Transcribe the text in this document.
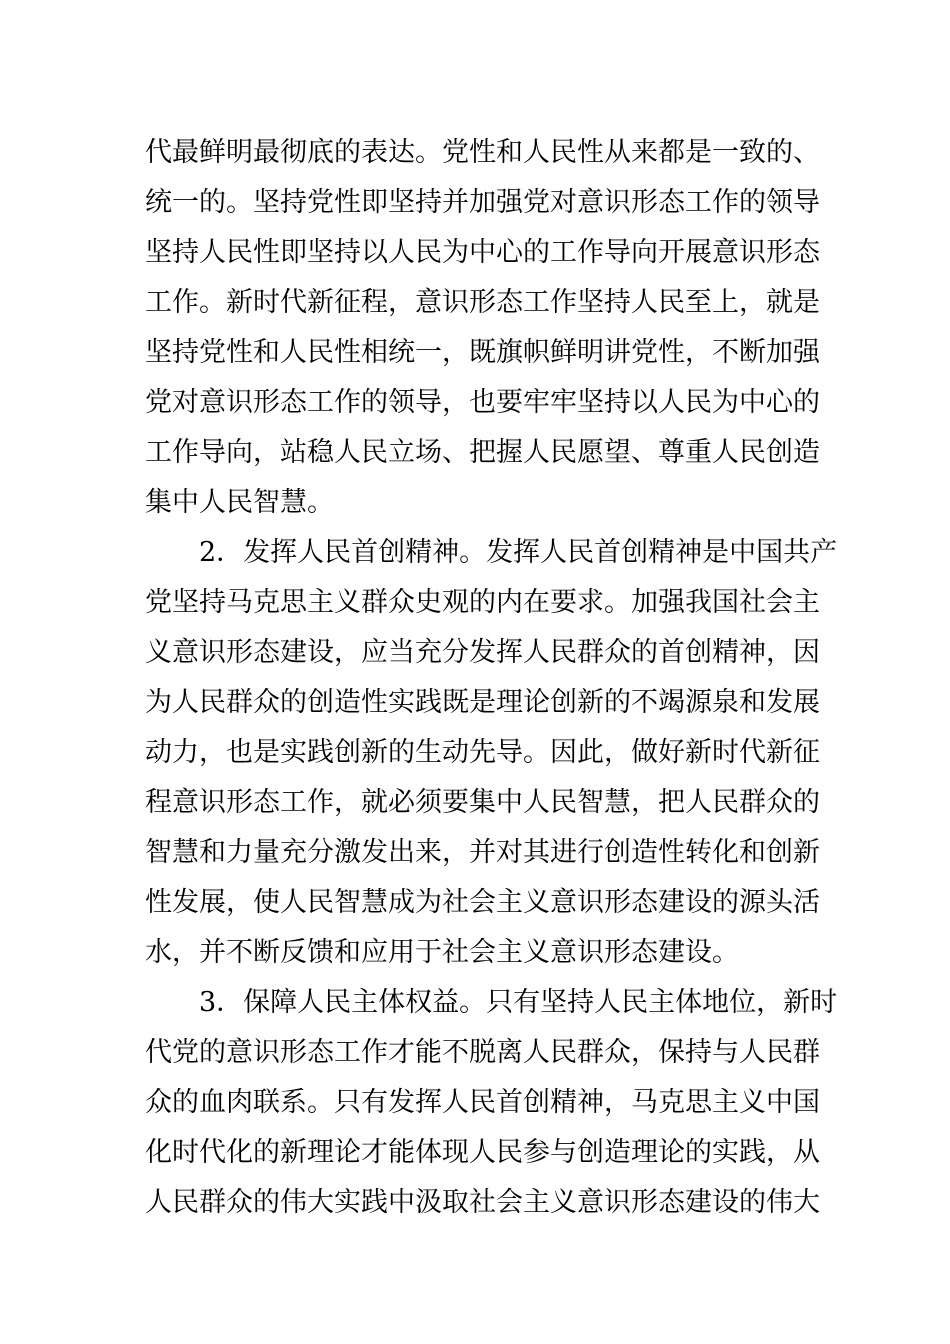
代最鲜明最彻底的表达。党性和人民性从来都是一致的、
统一的。坚持党性即坚持并加强党对意识形态工作的领导
坚持人民性即坚持以人民为中心的工作导向开展意识形态
工作。新时代新征程，意识形态工作坚持人民至上，就是
坚持党性和人民性相统一，既旗帜鲜明讲党性，不断加强
党对意识形态工作的领导，也要牢牢坚持以人民为中心的
工作导向，站稳人民立场、把握人民愿望、尊重人民创造
集中人民智慧。
2．发挥人民首创精神。发挥人民首创精神是中国共产
党坚持马克思主义群众史观的内在要求。加强我国社会主
义意识形态建设，应当充分发挥人民群众的首创精神，因
为人民群众的创造性实践既是理论创新的不竭源泉和发展
动力，也是实践创新的生动先导。因此，做好新时代新征
程意识形态工作，就必须要集中人民智慧，把人民群众的
智慧和力量充分激发出来，并对其进行创造性转化和创新
性发展，使人民智慧成为社会主义意识形态建设的源头活
水，并不断反馈和应用于社会主义意识形态建设。
3．保障人民主体权益。只有坚持人民主体地位，新时
代党的意识形态工作才能不脱离人民群众，保持与人民群
众的血肉联系。只有发挥人民首创精神，马克思主义中国
化时代化的新理论才能体现人民参与创造理论的实践，从
人民群众的伟大实践中汲取社会主义意识形态建设的伟大
